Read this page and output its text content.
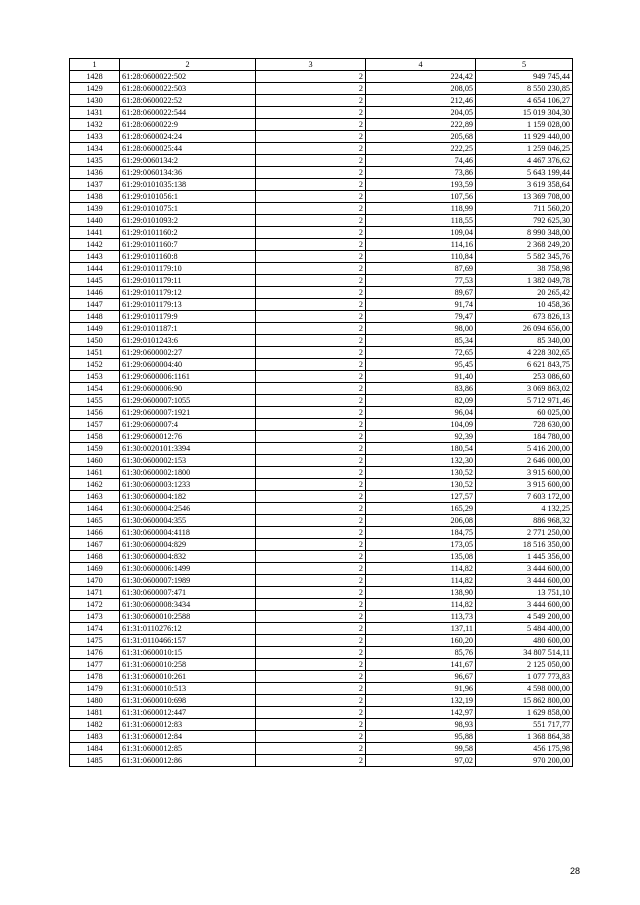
1	2	3	4	5
1428	61:28:0600022:502	2	224,42	949 745,44
1429	61:28:0600022:503	2	208,05	8 550 230,85
1430	61:28:0600022:52	2	212,46	4 654 106,27
1431	61:28:0600022:544	2	204,05	15 019 304,30
1432	61:28:0600022:9	2	222,89	1 159 028,00
1433	61:28:0600024:24	2	205,68	11 929 440,00
1434	61:28:0600025:44	2	222,25	1 259 046,25
1435	61:29:0060134:2	2	74,46	4 467 376,62
1436	61:29:0060134:36	2	73,86	5 643 199,44
1437	61:29:0101035:138	2	193,59	3 619 358,64
1438	61:29:0101056:1	2	107,56	13 369 708,00
1439	61:29:0101075:1	2	118,99	711 560,20
1440	61:29:0101093:2	2	118,55	792 625,30
1441	61:29:0101160:2	2	109,04	8 990 348,00
1442	61:29:0101160:7	2	114,16	2 368 249,20
1443	61:29:0101160:8	2	110,84	5 582 345,76
1444	61:29:0101179:10	2	87,69	38 758,98
1445	61:29:0101179:11	2	77,53	1 382 049,78
1446	61:29:0101179:12	2	89,67	20 265,42
1447	61:29:0101179:13	2	91,74	10 458,36
1448	61:29:0101179:9	2	79,47	673 826,13
1449	61:29:0101187:1	2	98,00	26 094 656,00
1450	61:29:0101243:6	2	85,34	85 340,00
1451	61:29:0600002:27	2	72,65	4 228 302,65
1452	61:29:0600004:40	2	95,45	6 621 843,75
1453	61:29:0600006:1161	2	91,40	253 086,60
1454	61:29:0600006:90	2	83,86	3 069 863,02
1455	61:29:0600007:1055	2	82,09	5 712 971,46
1456	61:29:0600007:1921	2	96,04	60 025,00
1457	61:29:0600007:4	2	104,09	728 630,00
1458	61:29:0600012:76	2	92,39	184 780,00
1459	61:30:0020101:3394	2	180,54	5 416 200,00
1460	61:30:0600002:153	2	132,30	2 646 000,00
1461	61:30:0600002:1800	2	130,52	3 915 600,00
1462	61:30:0600003:1233	2	130,52	3 915 600,00
1463	61:30:0600004:182	2	127,57	7 603 172,00
1464	61:30:0600004:2546	2	165,29	4 132,25
1465	61:30:0600004:355	2	206,08	886 968,32
1466	61:30:0600004:4118	2	184,75	2 771 250,00
1467	61:30:0600004:829	2	173,05	18 516 350,00
1468	61:30:0600004:832	2	135,08	1 445 356,00
1469	61:30:0600006:1499	2	114,82	3 444 600,00
1470	61:30:0600007:1989	2	114,82	3 444 600,00
1471	61:30:0600007:471	2	138,90	13 751,10
1472	61:30:0600008:3434	2	114,82	3 444 600,00
1473	61:30:0600010:2588	2	113,73	4 549 200,00
1474	61:31:0110276:12	2	137,11	5 484 400,00
1475	61:31:0110466:157	2	160,20	480 600,00
1476	61:31:0600010:15	2	85,76	34 807 514,11
1477	61:31:0600010:258	2	141,67	2 125 050,00
1478	61:31:0600010:261	2	96,67	1 077 773,83
1479	61:31:0600010:513	2	91,96	4 598 000,00
1480	61:31:0600010:698	2	132,19	15 862 800,00
1481	61:31:0600012:447	2	142,97	1 629 858,00
1482	61:31:0600012:83	2	98,93	551 717,77
1483	61:31:0600012:84	2	95,88	1 368 864,38
1484	61:31:0600012:85	2	99,58	456 175,98
1485	61:31:0600012:86	2	97,02	970 200,00
28
